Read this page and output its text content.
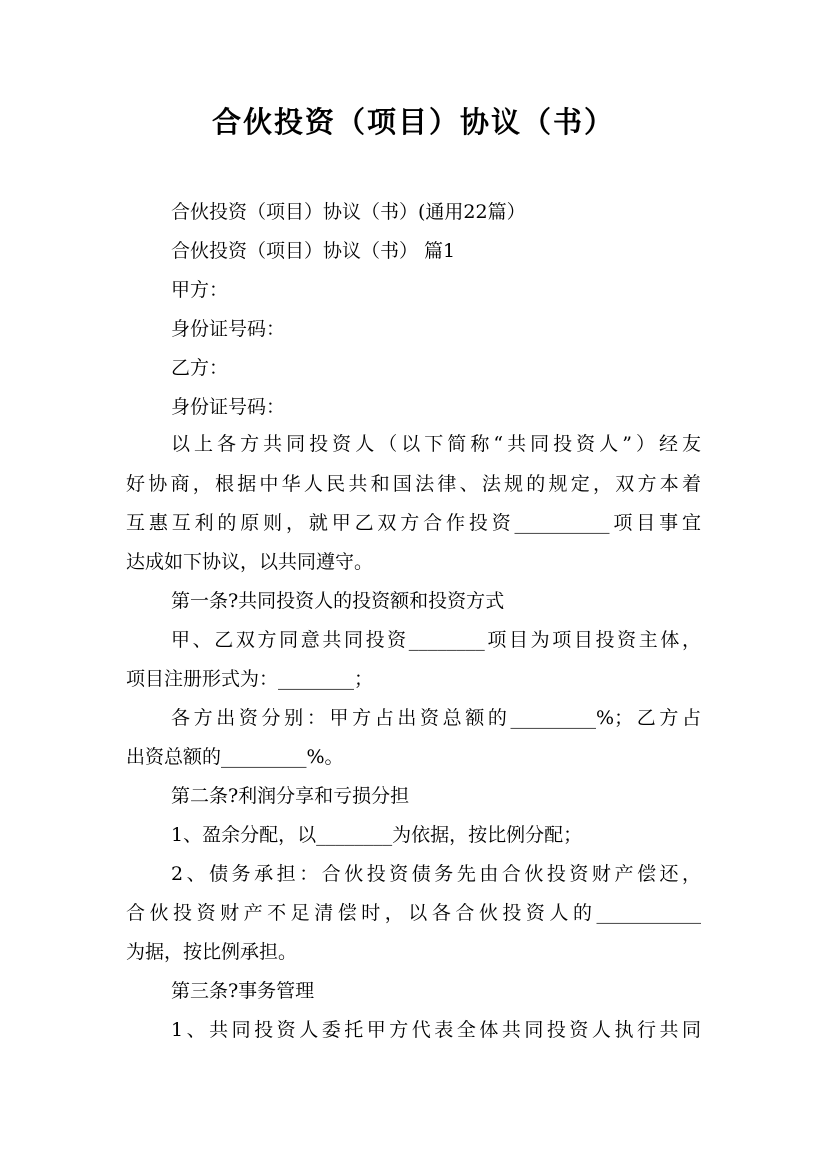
合伙投资（项目）协议（书）
合伙投资（项目）协议（书）(通用22篇）
合伙投资（项目）协议（书） 篇1
甲方：
身份证号码：
乙方：
身份证号码：
以上各方共同投资人（以下简称“共同投资人”）经友
好协商，根据中华人民共和国法律、法规的规定，双方本着
互惠互利的原则，就甲乙双方合作投资__________项目事宜
达成如下协议，以共同遵守。
第一条?共同投资人的投资额和投资方式
甲、乙双方同意共同投资________项目为项目投资主体，
项目注册形式为：________；
各方出资分别：甲方占出资总额的_________%；乙方占
出资总额的_________%。
第二条?利润分享和亏损分担
1、盈余分配，以________为依据，按比例分配；
2、债务承担：合伙投资债务先由合伙投资财产偿还，
合伙投资财产不足清偿时，以各合伙投资人的___________
为据，按比例承担。
第三条?事务管理
1、共同投资人委托甲方代表全体共同投资人执行共同
